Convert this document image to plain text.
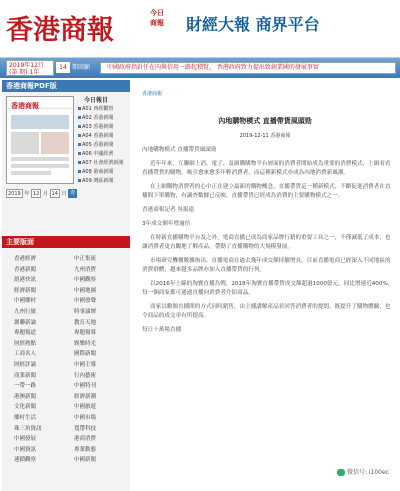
香港商報
今日
商報	財經大報 商界平台
2019年12月
(第 期) 1年
14 期回顧	中國政府指針任在內與信用一路起積賢。 香港政府致力提出致創業國的發展事實
香港商報PDF版
香港商報
今日報目
A01 西經觀察
A02 香港新聞
A03 香港新聞
A04 香港新聞
A05 香港新聞
A06 中國經濟
A07 社會經濟新聞
A08 港商新聞
A09 灣區新聞
2019 年 12 月 14 日 查
主要版面
香港經濟	中正集流
香港新聞	九州消費
滬港快訊	中國觀察
經濟新聞	中國地圖
中國鄉村	中國發聲
九州行旅	時事論壇
創聯新論	教育天地
專題報道	專題報導
財經熱點	娛樂時光
工商名人	國際新聞
財經評論	中國主導
商業新聞	行內藝術
一帶一路	中國特刊
港澳新聞	經濟新潮
文化新聞	中國旅遊
鄉村生活	中國市場
珠三角資訊	寬帶科技
中國發展	港商消費
中國資訊	專業動態
連鎖觀察	中國新聞
香港商報
內地購物模式 直播帶貨風頭勁
2019-12-11 香港商報

內地購物模式 直播帶貨風頭勁

近年年來，互聯網上消、電子、及網購購物平台層面的消費者開始成為重要的消費模式，上網看看直播帶貨的購物，吸引愈來愈多年輕消費者，而這種新模式亦成為內地消費新風潮。

在上網購物消費者的心中正在建立最新的購物概念，直播帶貨這一種新模式，不斷促進消費者在直播間下單購物，有調查數據已反映，直播帶貨已經成為消費的主要購物模式之一。

香港商報記者 吳振遠

3年成交額年增逾倍

在時新直播購物平台及之外，電商直播已成為商家品牌行銷的重要工具之一，不僅減低了成本，也讓消費者更直觀地了解產品，帶動了直播購物的大規模發展。

市場研究機構數據指出，直播電商在過去幾年成交額持續增長，目前直播電商已經深入不同地區的消費群體，越來越多品牌亦加入直播帶貨的行列。

以2016年上線的淘寶直播為例，2018年淘寶直播帶貨成交額超過1000億元，同比增速近400%，每一個商家都可通過直播向消費者介紹商品。

商家以數個直播間的方式同時銷售，由主播講解產品並回答消費者的提問，既提升了購物體驗，也令商品的成交率有所提高。

每日十萬場直播

微信号: i100ec
